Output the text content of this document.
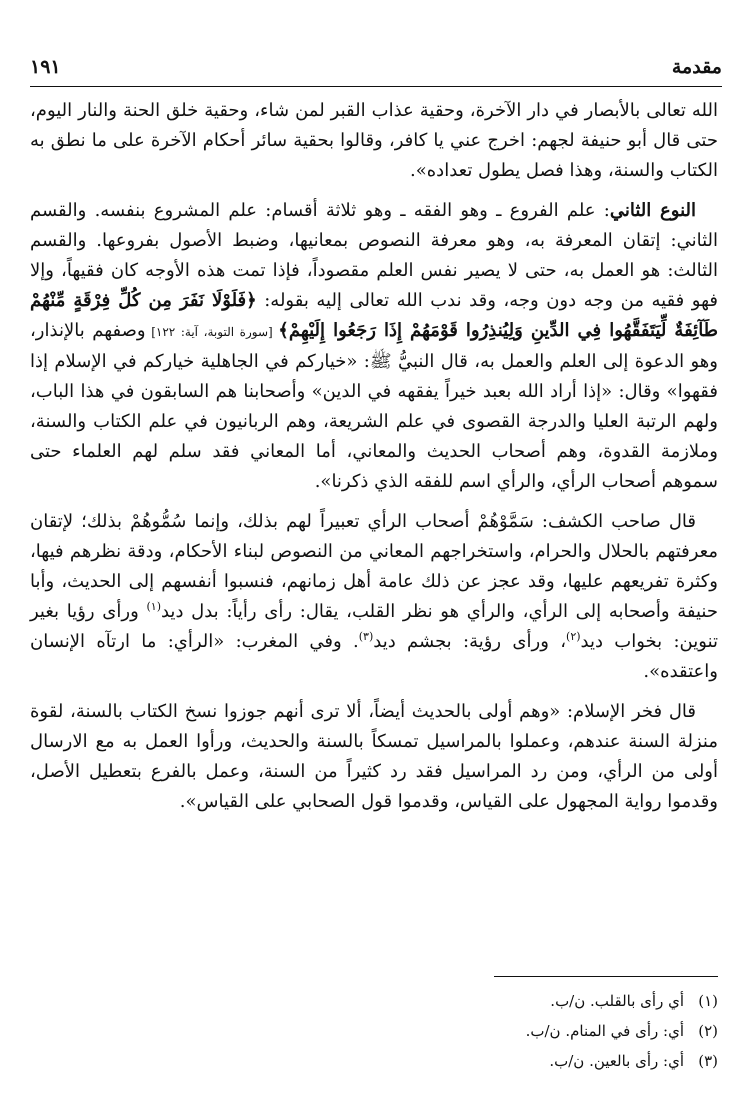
مقدمة
١٩١

الله تعالى بالأبصار في دار الآخرة، وحقية عذاب القبر لمن شاء، وحقية خلق الحنة والنار اليوم، حتى قال أبو حنيفة لجهم: اخرج عني يا كافر، وقالوا بحقية سائر أحكام الآخرة على ما نطق به الكتاب والسنة، وهذا فصل يطول تعداده».

النوع الثاني: علم الفروع ـ وهو الفقه ـ وهو ثلاثة أقسام: علم المشروع بنفسه. والقسم الثاني: إتقان المعرفة به، وهو معرفة النصوص بمعانيها، وضبط الأصول بفروعها. والقسم الثالث: هو العمل به، حتى لا يصير نفس العلم مقصوداً، فإذا تمت هذه الأوجه كان فقيهاً، وإلا فهو فقيه من وجه دون وجه، وقد ندب الله تعالى إليه بقوله: ﴿فَلَوْلَا نَفَرَ مِن كُلِّ فِرْقَةٍ مِّنْهُمْ طَآئِفَةٌ لِّيَتَفَقَّهُوا فِي الدِّينِ وَلِيُنذِرُوا قَوْمَهُمْ إِذَا رَجَعُوا إِلَيْهِمْ﴾ [سورة التوبة، آية: ١٢٢] وصفهم بالإنذار، وهو الدعوة إلى العلم والعمل به، قال النبيُّ ﷺ: «خياركم في الجاهلية خياركم في الإسلام إذا فقهوا» وقال: «إذا أراد الله بعبد خيراً يفقهه في الدين» وأصحابنا هم السابقون في هذا الباب، ولهم الرتبة العليا والدرجة القصوى في علم الشريعة، وهم الربانيون في علم الكتاب والسنة، وملازمة القدوة، وهم أصحاب الحديث والمعاني، أما المعاني فقد سلم لهم العلماء حتى سموهم أصحاب الرأي، والرأي اسم للفقه الذي ذكرنا».

قال صاحب الكشف: سَمَّوْهُمْ أصحاب الرأي تعبيراً لهم بذلك، وإنما سُمُّوهُمْ بذلك؛ لإتقان معرفتهم بالحلال والحرام، واستخراجهم المعاني من النصوص لبناء الأحكام، ودقة نظرهم فيها، وكثرة تفريعهم عليها، وقد عجز عن ذلك عامة أهل زمانهم، فنسبوا أنفسهم إلى الحديث، وأبا حنيفة وأصحابه إلى الرأي، والرأي هو نظر القلب، يقال: رأى رأياً: بدل ديد$^{(١)}$ ورأى رؤيا بغير تنوين: بخواب ديد$^{(٢)}$، ورأى رؤية: بجشم ديد$^{(٣)}$. وفي المغرب: «الرأي: ما ارتآه الإنسان واعتقده».

قال فخر الإسلام: «وهم أولى بالحديث أيضاً، ألا ترى أنهم جوزوا نسخ الكتاب بالسنة، لقوة منزلة السنة عندهم، وعملوا بالمراسيل تمسكاً بالسنة والحديث، ورأوا العمل به مع الارسال أولى من الرأي، ومن رد المراسيل فقد رد كثيراً من السنة، وعمل بالفرع بتعطيل الأصل، وقدموا رواية المجهول على القياس، وقدموا قول الصحابي على القياس».

(١)
أي رأى بالقلب. ن/ب.

(٢)
أي: رأى في المنام. ن/ب.

(٣)
أي: رأى بالعين. ن/ب.
